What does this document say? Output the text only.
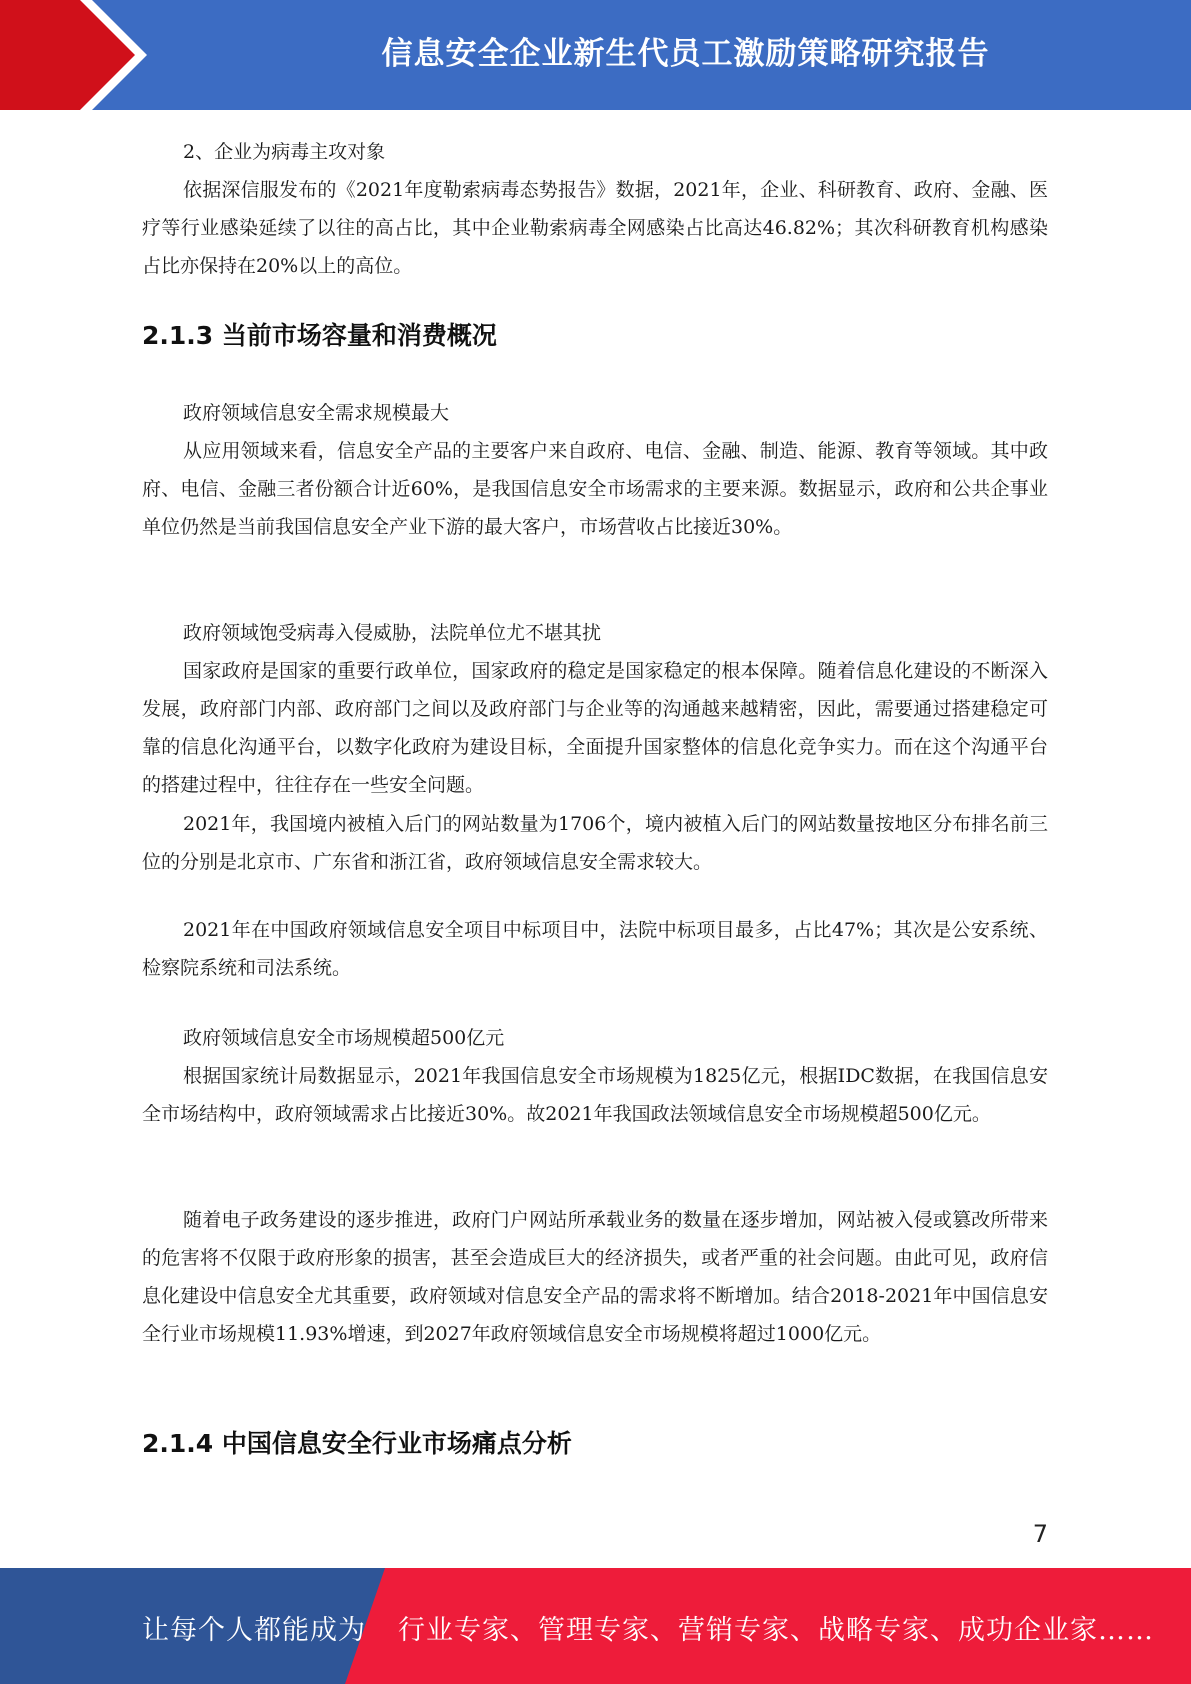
信息安全企业新生代员工激励策略研究报告
2、企业为病毒主攻对象
依据深信服发布的《2021年度勒索病毒态势报告》数据，2021年，企业、科研教育、政府、金融、医疗等行业感染延续了以往的高占比，其中企业勒索病毒全网感染占比高达46.82%；其次科研教育机构感染占比亦保持在20%以上的高位。
2.1.3 当前市场容量和消费概况
政府领域信息安全需求规模最大
从应用领域来看，信息安全产品的主要客户来自政府、电信、金融、制造、能源、教育等领域。其中政府、电信、金融三者份额合计近60%，是我国信息安全市场需求的主要来源。数据显示，政府和公共企事业单位仍然是当前我国信息安全产业下游的最大客户，市场营收占比接近30%。
政府领域饱受病毒入侵威胁，法院单位尤不堪其扰
国家政府是国家的重要行政单位，国家政府的稳定是国家稳定的根本保障。随着信息化建设的不断深入发展，政府部门内部、政府部门之间以及政府部门与企业等的沟通越来越精密，因此，需要通过搭建稳定可靠的信息化沟通平台，以数字化政府为建设目标，全面提升国家整体的信息化竞争实力。而在这个沟通平台的搭建过程中，往往存在一些安全问题。
2021年，我国境内被植入后门的网站数量为1706个，境内被植入后门的网站数量按地区分布排名前三位的分别是北京市、广东省和浙江省，政府领域信息安全需求较大。
2021年在中国政府领域信息安全项目中标项目中，法院中标项目最多，占比47%；其次是公安系统、检察院系统和司法系统。
政府领域信息安全市场规模超500亿元
根据国家统计局数据显示，2021年我国信息安全市场规模为1825亿元，根据IDC数据，在我国信息安全市场结构中，政府领域需求占比接近30%。故2021年我国政法领域信息安全市场规模超500亿元。
随着电子政务建设的逐步推进，政府门户网站所承载业务的数量在逐步增加，网站被入侵或篡改所带来的危害将不仅限于政府形象的损害，甚至会造成巨大的经济损失，或者严重的社会问题。由此可见，政府信息化建设中信息安全尤其重要，政府领域对信息安全产品的需求将不断增加。结合2018-2021年中国信息安全行业市场规模11.93%增速，到2027年政府领域信息安全市场规模将超过1000亿元。
2.1.4 中国信息安全行业市场痛点分析
7
让每个人都能成为 行业专家、管理专家、营销专家、战略专家、成功企业家……
